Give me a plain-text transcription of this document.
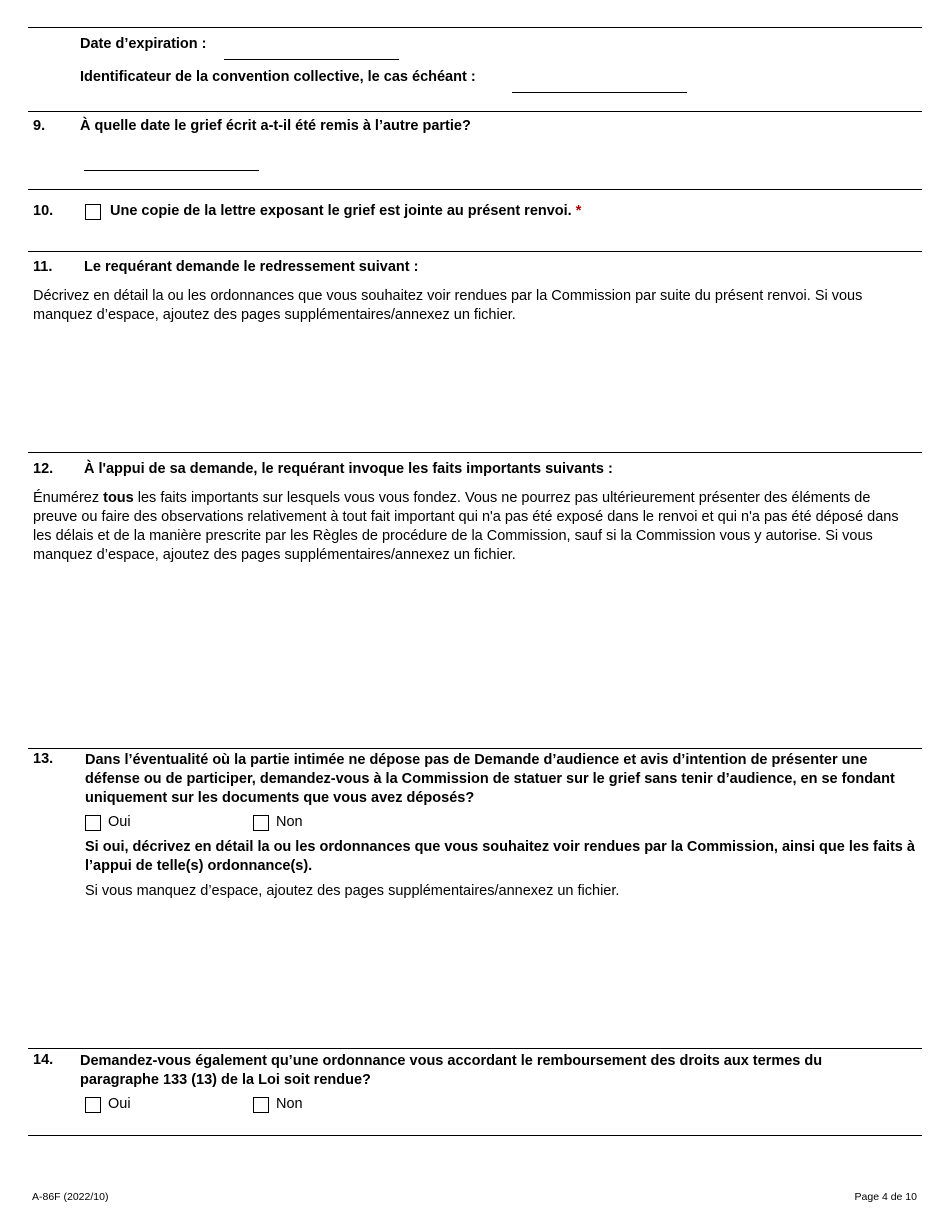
Date d’expiration :
Identificateur de la convention collective, le cas échéant :
9. À quelle date le grief écrit a-t-il été remis à l’autre partie?
10.	Une copie de la lettre exposant le grief est jointe au présent renvoi. *
11. Le requérant demande le redressement suivant :
Décrivez en détail la ou les ordonnances que vous souhaitez voir rendues par la Commission par suite du présent renvoi. Si vous manquez d’espace, ajoutez des pages supplémentaires/annexez un fichier.
12. À l'appui de sa demande, le requérant invoque les faits importants suivants :
Énumérez tous les faits importants sur lesquels vous vous fondez. Vous ne pourrez pas ultérieurement présenter des éléments de preuve ou faire des observations relativement à tout fait important qui n'a pas été exposé dans le renvoi et qui n'a pas été déposé dans les délais et de la manière prescrite par les Règles de procédure de la Commission, sauf si la Commission vous y autorise. Si vous manquez d’espace, ajoutez des pages supplémentaires/annexez un fichier.
13. Dans l’éventualité où la partie intimée ne dépose pas de Demande d’audience et avis d’intention de présenter une défense ou de participer, demandez-vous à la Commission de statuer sur le grief sans tenir d’audience, en se fondant uniquement sur les documents que vous avez déposés?
Oui	Non
Si oui, décrivez en détail la ou les ordonnances que vous souhaitez voir rendues par la Commission, ainsi que les faits à l’appui de telle(s) ordonnance(s).
Si vous manquez d’espace, ajoutez des pages supplémentaires/annexez un fichier.
14. Demandez-vous également qu’une ordonnance vous accordant le remboursement des droits aux termes du paragraphe 133 (13) de la Loi soit rendue?
Oui	Non
A-86F (2022/10)	Page 4 de 10
